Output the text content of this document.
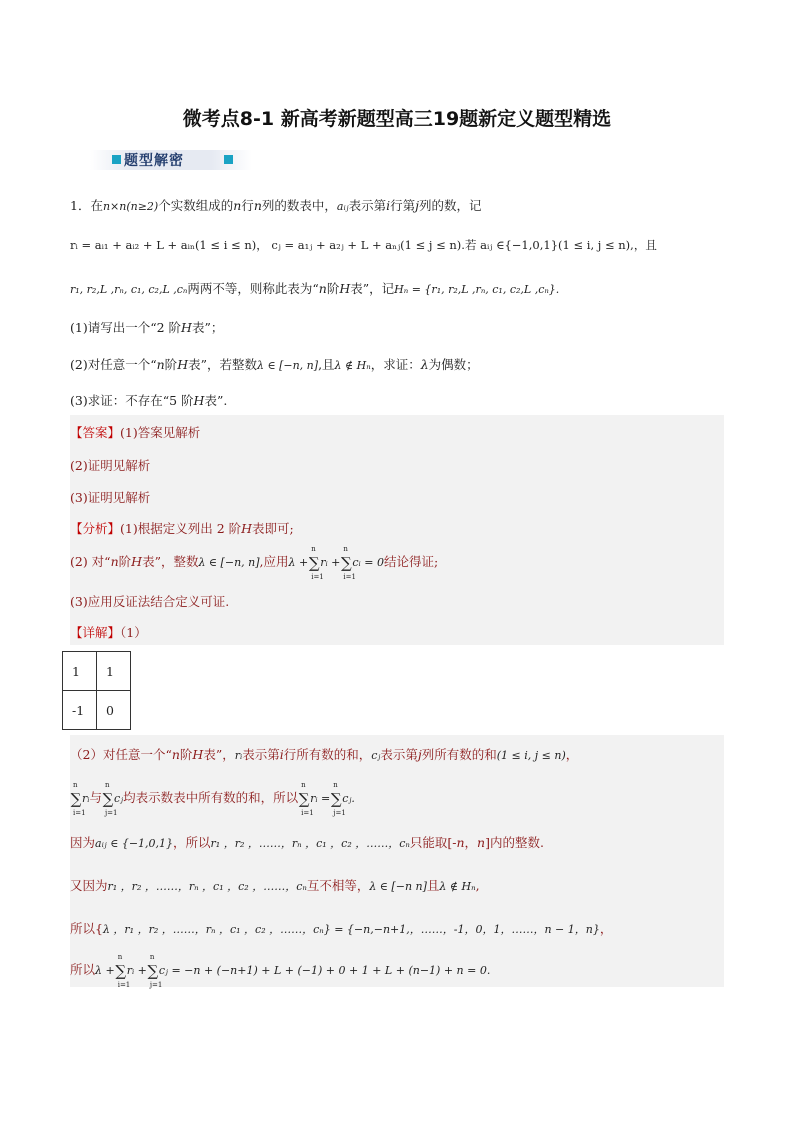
微考点8-1 新高考新题型高三19题新定义题型精选
题型解密
1．在n×n(n≥2)个实数组成的n行n列的数表中，aᵢⱼ表示第i行第j列的数，记
rᵢ = aᵢ₁ + aᵢ₂ + L + aᵢₙ(1 ≤ i ≤ n)， cⱼ = a₁ⱼ + a₂ⱼ + L + aₙⱼ(1 ≤ j ≤ n).若 aᵢⱼ ∈{−1,0,1}(1 ≤ i, j ≤ n),，且
r₁, r₂,L ,rₙ, c₁, c₂,L ,cₙ两两不等，则称此表为“n阶H表”，记Hₙ = {r₁, r₂,L ,rₙ, c₁, c₂,L ,cₙ}.
(1)请写出一个“2 阶H表”；
(2)对任意一个“n阶H表”，若整数λ ∈ [−n, n],且λ ∉ Hₙ，求证：λ为偶数；
(3)求证：不存在“5 阶H表”.
【答案】(1)答案见解析
(2)证明见解析
(3)证明见解析
【分析】(1)根据定义列出 2 阶H表即可;
(2) 对“n阶H表”，整数λ ∈ [−n, n],应用λ +∑
n
i=1
rᵢ +∑
n
i=1
cᵢ = 0结论得证;
(3)应用反证法结合定义可证.
【详解】（1）
1	1
-1	0
（2）对任意一个“n阶H表”，rᵢ表示第i行所有数的和，cⱼ表示第j列所有数的和(1 ≤ i, j ≤ n)，
∑
n
i=1
rᵢ与∑
n
j=1
cⱼ均表示数表中所有数的和，所以∑
n
i=1
rᵢ =∑
n
j=1
cⱼ.
因为aᵢⱼ ∈ {−1,0,1}，所以r₁ ，r₂ ，……，rₙ ，c₁ ，c₂ ，……，cₙ只能取[-n，n]内的整数.
又因为r₁ ，r₂ ，……，rₙ ，c₁ ，c₂ ，……，cₙ互不相等，λ ∈ [−n n]且λ ∉ Hₙ,
所以{λ ，r₁ ，r₂ ，……，rₙ ，c₁ ，c₂ ，……，cₙ} = {−n,−n+1,，……，-1，0，1，……，n − 1，n}，
所以λ +∑
n
i=1
rᵢ +∑
n
j=1
cⱼ = −n + (−n+1) + L + (−1) + 0 + 1 + L + (n−1) + n = 0.
